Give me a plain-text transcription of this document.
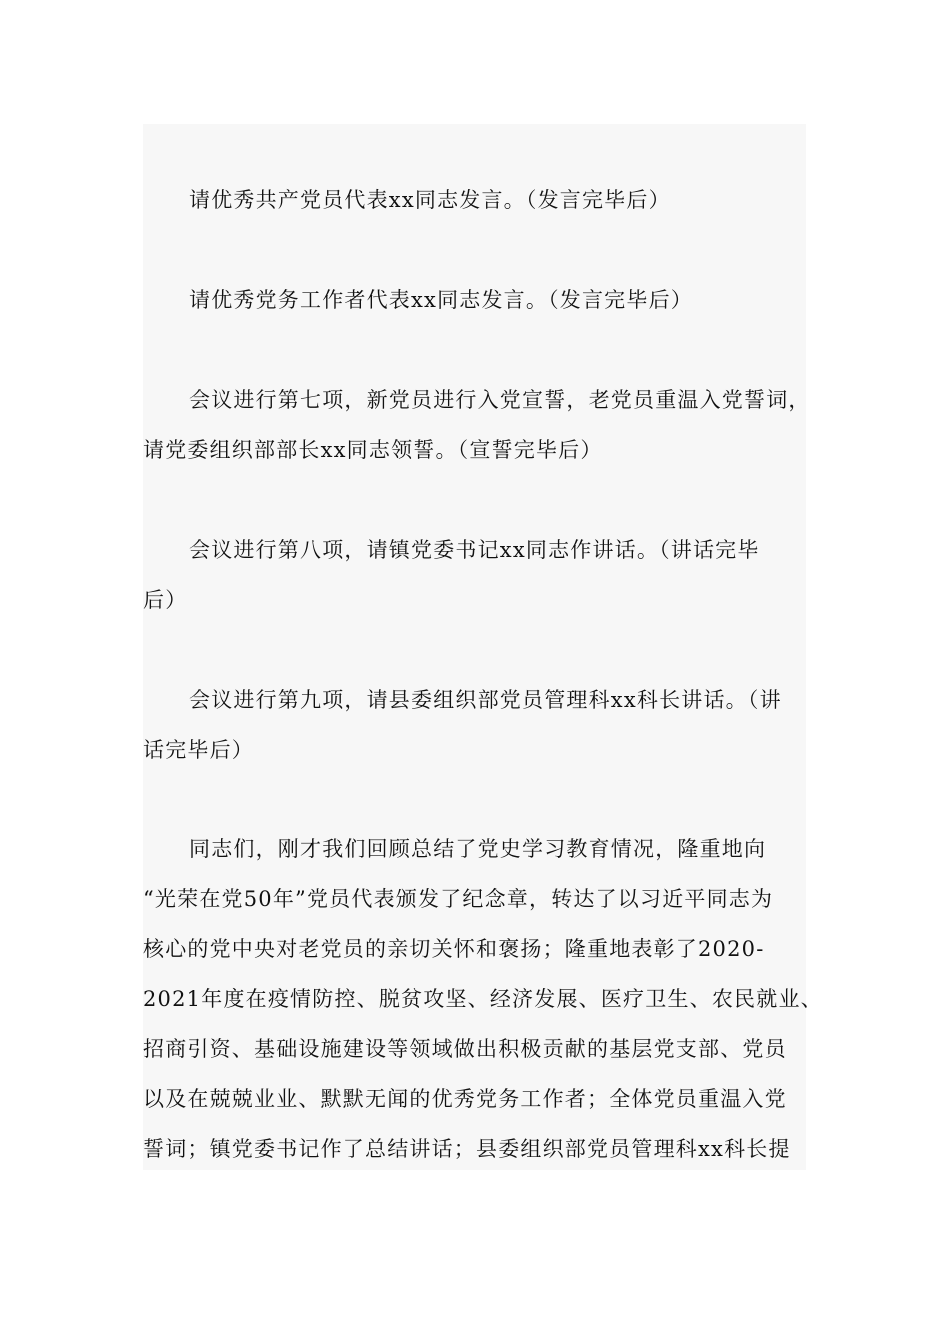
请优秀共产党员代表xx同志发言。（发言完毕后）

请优秀党务工作者代表xx同志发言。（发言完毕后）

会议进行第七项，新党员进行入党宣誓，老党员重温入党誓词，
请党委组织部部长xx同志领誓。（宣誓完毕后）

会议进行第八项，请镇党委书记xx同志作讲话。（讲话完毕
后）

会议进行第九项，请县委组织部党员管理科xx科长讲话。（讲
话完毕后）

同志们，刚才我们回顾总结了党史学习教育情况，隆重地向
“光荣在党50年”党员代表颁发了纪念章，转达了以习近平同志为
核心的党中央对老党员的亲切关怀和褒扬；隆重地表彰了2020-
2021年度在疫情防控、脱贫攻坚、经济发展、医疗卫生、农民就业、
招商引资、基础设施建设等领域做出积极贡献的基层党支部、党员
以及在兢兢业业、默默无闻的优秀党务工作者；全体党员重温入党
誓词；镇党委书记作了总结讲话；县委组织部党员管理科xx科长提
